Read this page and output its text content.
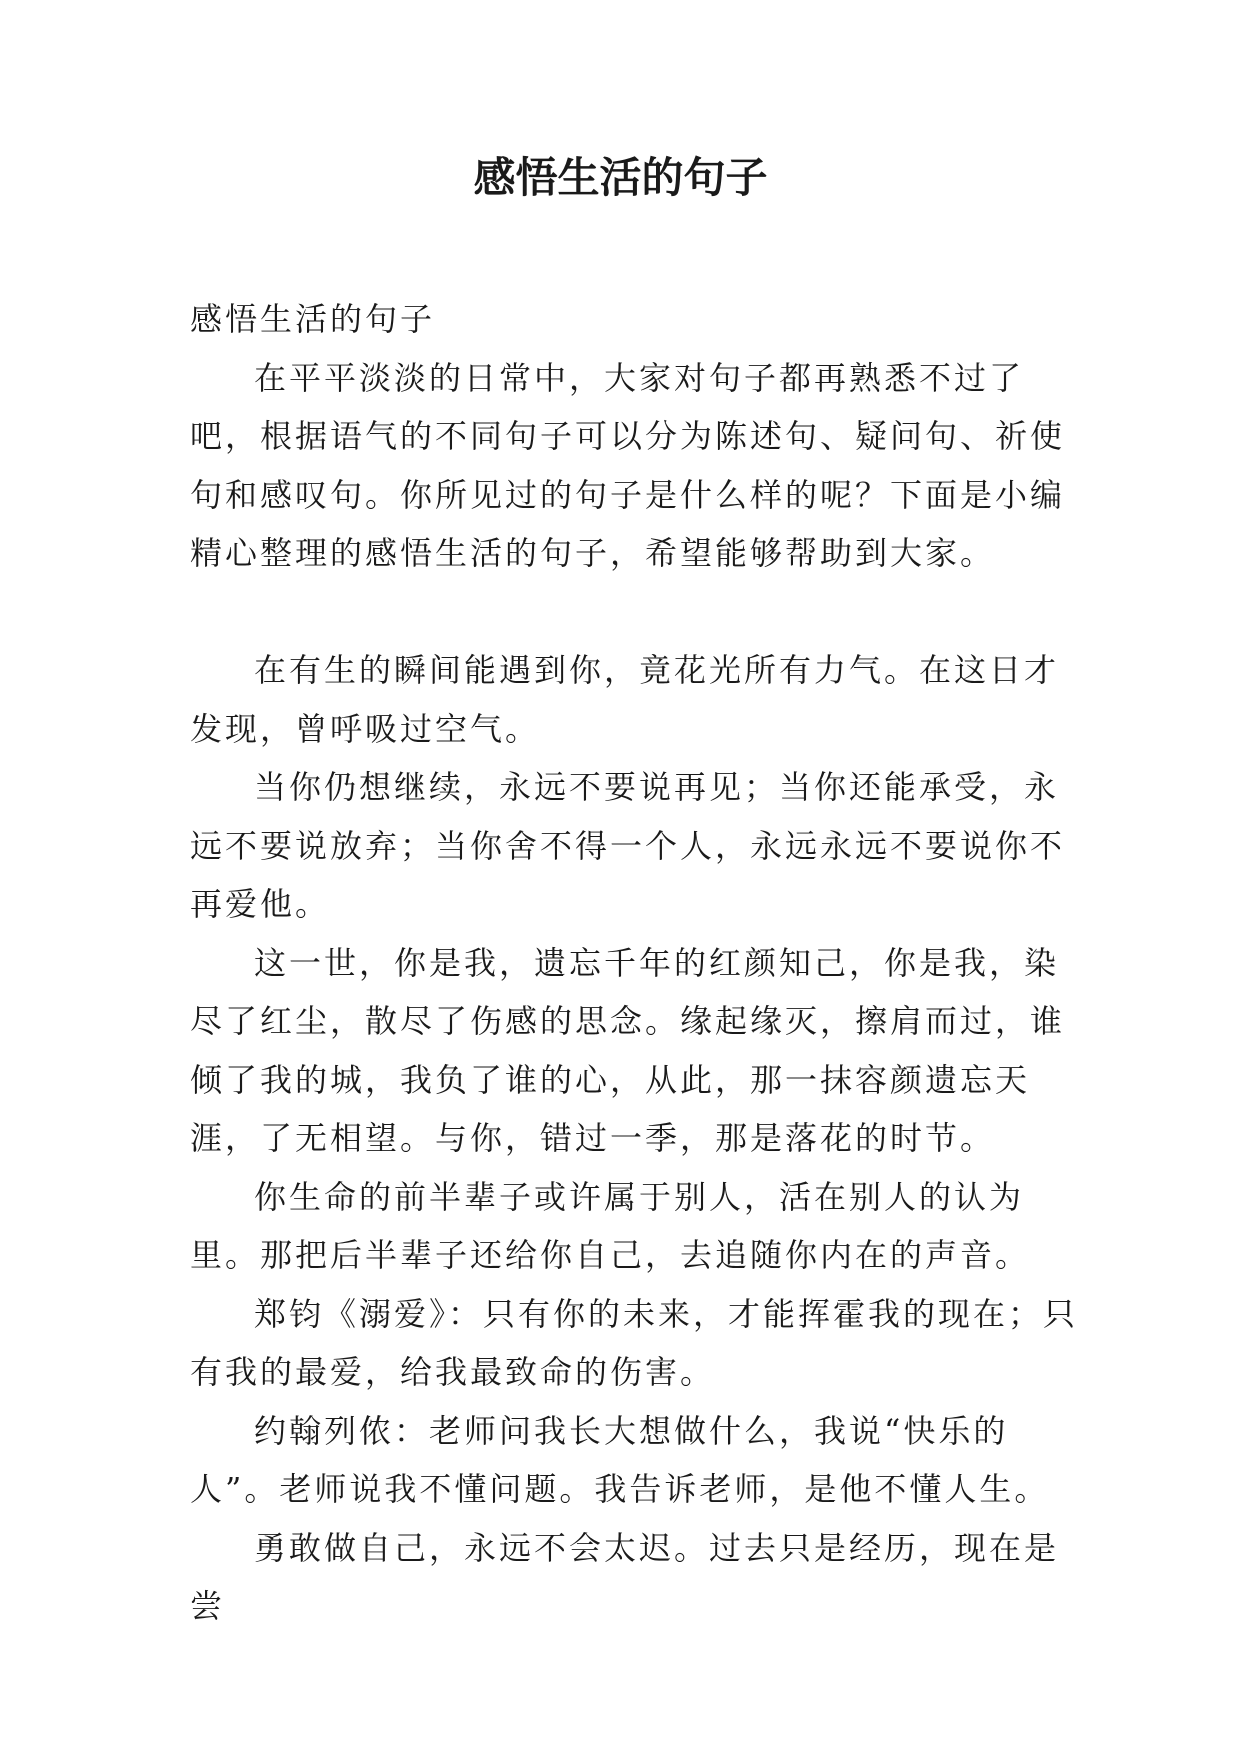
感悟生活的句子

感悟生活的句子

在平平淡淡的日常中，大家对句子都再熟悉不过了吧，根据语气的不同句子可以分为陈述句、疑问句、祈使句和感叹句。你所见过的句子是什么样的呢？下面是小编精心整理的感悟生活的句子，希望能够帮助到大家。

在有生的瞬间能遇到你，竟花光所有力气。在这日才发现，曾呼吸过空气。

当你仍想继续，永远不要说再见；当你还能承受，永远不要说放弃；当你舍不得一个人，永远永远不要说你不再爱他。

这一世，你是我，遗忘千年的红颜知己，你是我，染尽了红尘，散尽了伤感的思念。缘起缘灭，擦肩而过，谁倾了我的城，我负了谁的心，从此，那一抹容颜遗忘天涯，了无相望。与你，错过一季，那是落花的时节。

你生命的前半辈子或许属于别人，活在别人的认为里。那把后半辈子还给你自己，去追随你内在的声音。

郑钧《溺爱》：只有你的未来，才能挥霍我的现在；只有我的最爱，给我最致命的伤害。

约翰列侬：老师问我长大想做什么，我说“快乐的人”。老师说我不懂问题。我告诉老师，是他不懂人生。

勇敢做自己，永远不会太迟。过去只是经历，现在是尝
